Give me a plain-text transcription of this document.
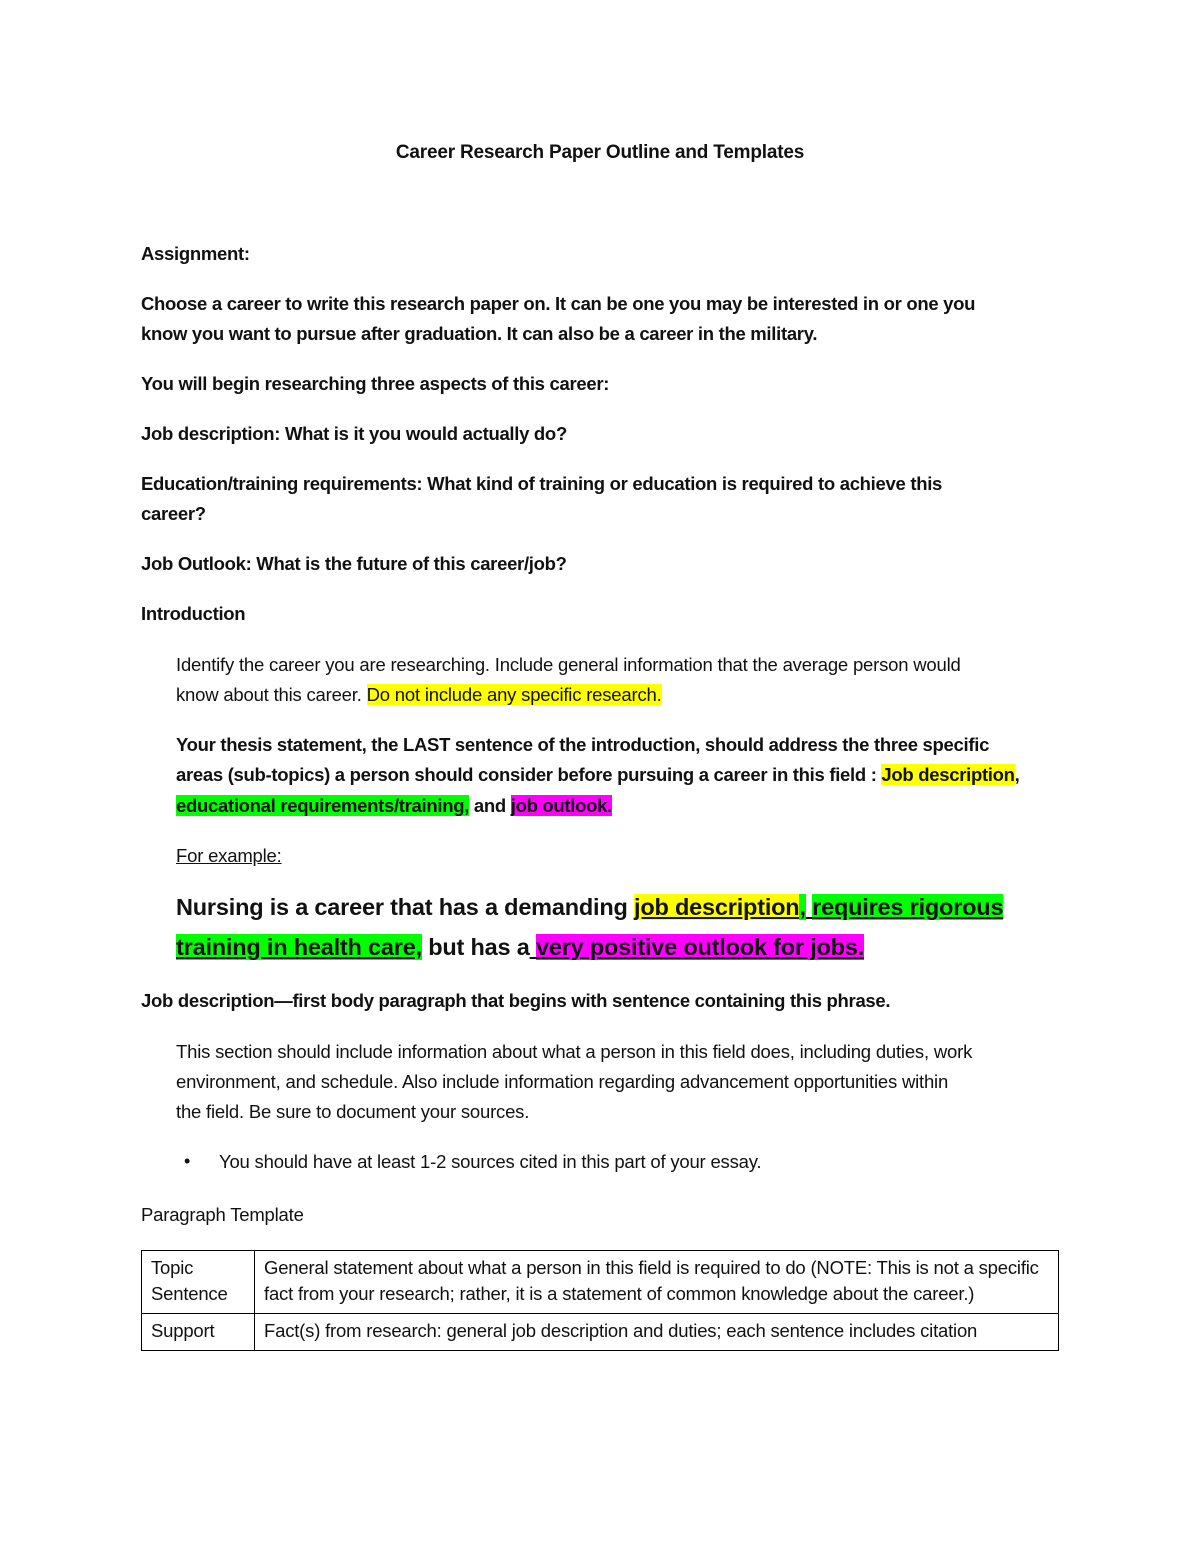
Career Research Paper Outline and Templates
Assignment:
Choose a career to write this research paper on. It can be one you may be interested in or one you
know you want to pursue after graduation. It can also be a career in the military.
You will begin researching three aspects of this career:
Job description: What is it you would actually do?
Education/training requirements: What kind of training or education is required to achieve this
career?
Job Outlook: What is the future of this career/job?
Introduction
Identify the career you are researching. Include general information that the average person would
know about this career. Do not include any specific research.
Your thesis statement, the LAST sentence of the introduction, should address the three specific
areas (sub-topics) a person should consider before pursuing a career in this field : Job description,
educational requirements/training, and job outlook.
For example:
Nursing is a career that has a demanding job description, requires rigorous
training in health care, but has a very positive outlook for jobs.
Job description—first body paragraph that begins with sentence containing this phrase.
This section should include information about what a person in this field does, including duties, work
environment, and schedule. Also include information regarding advancement opportunities within
the field. Be sure to document your sources.
• You should have at least 1-2 sources cited in this part of your essay.
Paragraph Template
Topic Sentence	General statement about what a person in this field is required to do (NOTE: This is not a specific fact from your research; rather, it is a statement of common knowledge about the career.)
Support	Fact(s) from research: general job description and duties; each sentence includes citation
